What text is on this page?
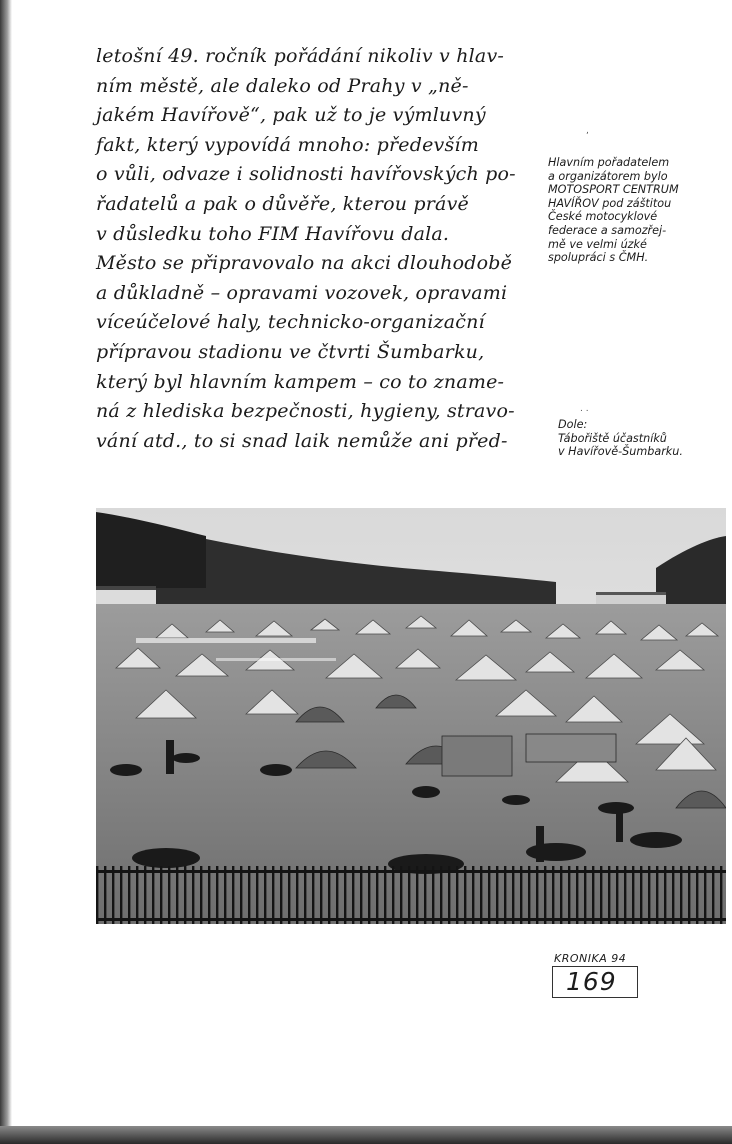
letošní 49. ročník pořádání nikoliv v hlav-
ním městě, ale daleko od Prahy v „ně-
jakém Havířově“, pak už to je výmluvný
fakt, který vypovídá mnoho: především
o vůli, odvaze i solidnosti havířovských po-
řadatelů a pak o důvěře, kterou právě
v důsledku toho FIM Havířovu dala.
Město se připravovalo na akci dlouhodobě
a důkladně – opravami vozovek, opravami
víceúčelové haly, technicko-organizační
přípravou stadionu ve čtvrti Šumbarku,
který byl hlavním kampem – co to zname-
ná z hlediska bezpečnosti, hygieny, stravo-
vání atd., to si snad laik nemůže ani před-
,
Hlavním pořadatelem
a organizátorem bylo
MOTOSPORT CENTRUM
HAVÍŘOV pod záštitou
České motocyklové
federace a samozřej-
mě ve velmi úzké
spolupráci s ČMH.
. .
Dole:
Tábořiště účastníků
v Havířově-Šumbarku.
KRONIKA 94
169
